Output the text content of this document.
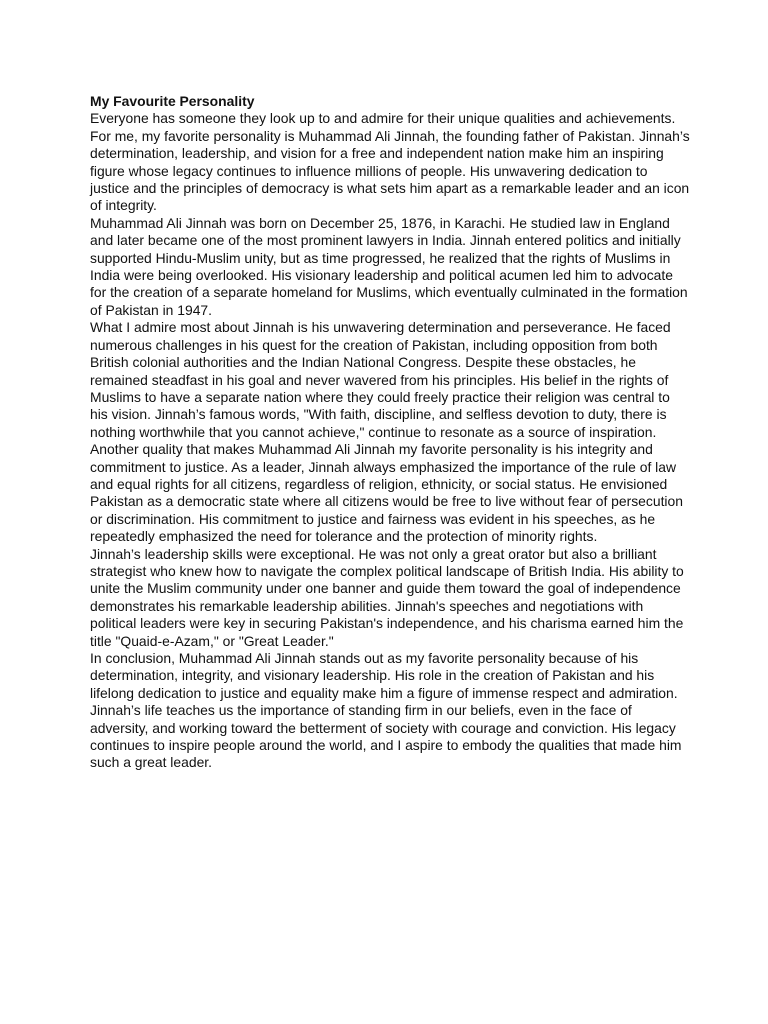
My Favourite Personality

Everyone has someone they look up to and admire for their unique qualities and achievements. For me, my favorite personality is Muhammad Ali Jinnah, the founding father of Pakistan. Jinnah’s determination, leadership, and vision for a free and independent nation make him an inspiring figure whose legacy continues to influence millions of people. His unwavering dedication to justice and the principles of democracy is what sets him apart as a remarkable leader and an icon of integrity.

Muhammad Ali Jinnah was born on December 25, 1876, in Karachi. He studied law in England and later became one of the most prominent lawyers in India. Jinnah entered politics and initially supported Hindu-Muslim unity, but as time progressed, he realized that the rights of Muslims in India were being overlooked. His visionary leadership and political acumen led him to advocate for the creation of a separate homeland for Muslims, which eventually culminated in the formation of Pakistan in 1947.

What I admire most about Jinnah is his unwavering determination and perseverance. He faced numerous challenges in his quest for the creation of Pakistan, including opposition from both British colonial authorities and the Indian National Congress. Despite these obstacles, he remained steadfast in his goal and never wavered from his principles. His belief in the rights of Muslims to have a separate nation where they could freely practice their religion was central to his vision. Jinnah’s famous words, "With faith, discipline, and selfless devotion to duty, there is nothing worthwhile that you cannot achieve," continue to resonate as a source of inspiration.

Another quality that makes Muhammad Ali Jinnah my favorite personality is his integrity and commitment to justice. As a leader, Jinnah always emphasized the importance of the rule of law and equal rights for all citizens, regardless of religion, ethnicity, or social status. He envisioned Pakistan as a democratic state where all citizens would be free to live without fear of persecution or discrimination. His commitment to justice and fairness was evident in his speeches, as he repeatedly emphasized the need for tolerance and the protection of minority rights.

Jinnah’s leadership skills were exceptional. He was not only a great orator but also a brilliant strategist who knew how to navigate the complex political landscape of British India. His ability to unite the Muslim community under one banner and guide them toward the goal of independence demonstrates his remarkable leadership abilities. Jinnah's speeches and negotiations with political leaders were key in securing Pakistan's independence, and his charisma earned him the title "Quaid-e-Azam," or "Great Leader."

In conclusion, Muhammad Ali Jinnah stands out as my favorite personality because of his determination, integrity, and visionary leadership. His role in the creation of Pakistan and his lifelong dedication to justice and equality make him a figure of immense respect and admiration. Jinnah’s life teaches us the importance of standing firm in our beliefs, even in the face of adversity, and working toward the betterment of society with courage and conviction. His legacy continues to inspire people around the world, and I aspire to embody the qualities that made him such a great leader.
